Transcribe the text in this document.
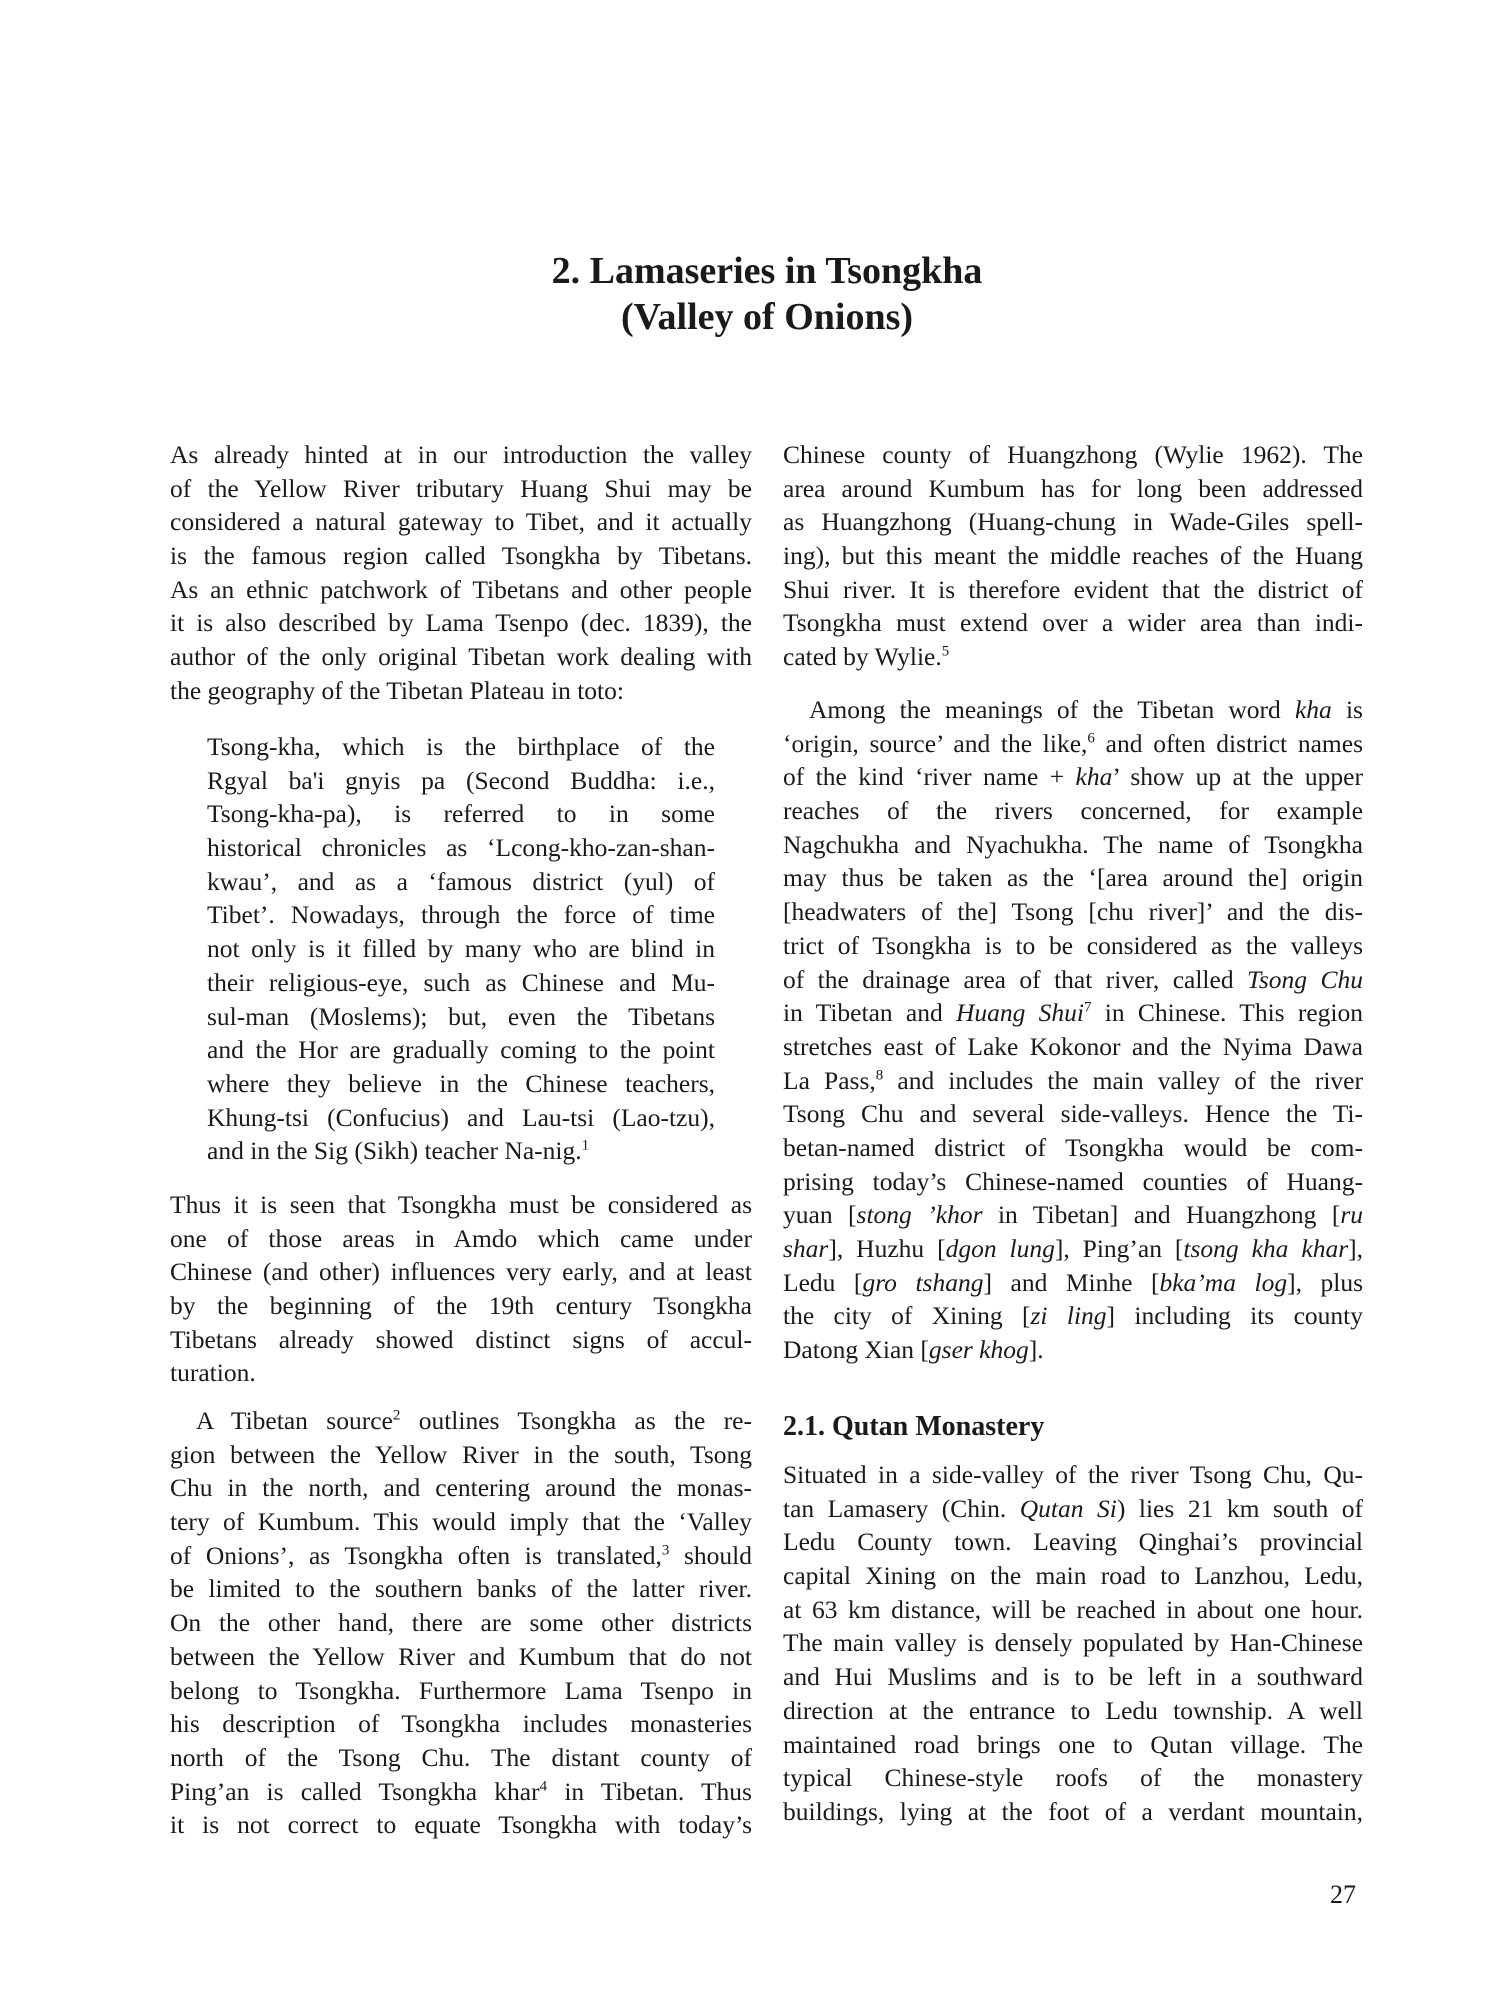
2. Lamaseries in Tsongkha
(Valley of Onions)
As already hinted at in our introduction the valley
of the Yellow River tributary Huang Shui may be
considered a natural gateway to Tibet, and it actually
is the famous region called Tsongkha by Tibetans.
As an ethnic patchwork of Tibetans and other people
it is also described by Lama Tsenpo (dec. 1839), the
author of the only original Tibetan work dealing with
the geography of the Tibetan Plateau in toto:
Tsong-kha, which is the birthplace of the
Rgyal ba'i gnyis pa (Second Buddha: i.e.,
Tsong-kha-pa), is referred to in some
historical chronicles as ‘Lcong-kho-zan-shan-
kwau’, and as a ‘famous district (yul) of
Tibet’. Nowadays, through the force of time
not only is it filled by many who are blind in
their religious-eye, such as Chinese and Mu-
sul-man (Moslems); but, even the Tibetans
and the Hor are gradually coming to the point
where they believe in the Chinese teachers,
Khung-tsi (Confucius) and Lau-tsi (Lao-tzu),
and in the Sig (Sikh) teacher Na-nig.$^1$
Thus it is seen that Tsongkha must be considered as
one of those areas in Amdo which came under
Chinese (and other) influences very early, and at least
by the beginning of the 19th century Tsongkha
Tibetans already showed distinct signs of accul-
turation.
A Tibetan source$^2$ outlines Tsongkha as the re-
gion between the Yellow River in the south, Tsong
Chu in the north, and centering around the monas-
tery of Kumbum. This would imply that the ‘Valley
of Onions’, as Tsongkha often is translated,$^3$ should
be limited to the southern banks of the latter river.
On the other hand, there are some other districts
between the Yellow River and Kumbum that do not
belong to Tsongkha. Furthermore Lama Tsenpo in
his description of Tsongkha includes monasteries
north of the Tsong Chu. The distant county of
Ping’an is called Tsongkha khar$^4$ in Tibetan. Thus
it is not correct to equate Tsongkha with today’s
Chinese county of Huangzhong (Wylie 1962). The
area around Kumbum has for long been addressed
as Huangzhong (Huang-chung in Wade-Giles spell-
ing), but this meant the middle reaches of the Huang
Shui river. It is therefore evident that the district of
Tsongkha must extend over a wider area than indi-
cated by Wylie.$^5$
Among the meanings of the Tibetan word kha is
‘origin, source’ and the like,$^6$ and often district names
of the kind ‘river name + kha’ show up at the upper
reaches of the rivers concerned, for example
Nagchukha and Nyachukha. The name of Tsongkha
may thus be taken as the ‘[area around the] origin
[headwaters of the] Tsong [chu river]’ and the dis-
trict of Tsongkha is to be considered as the valleys
of the drainage area of that river, called Tsong Chu
in Tibetan and Huang Shui$^7$ in Chinese. This region
stretches east of Lake Kokonor and the Nyima Dawa
La Pass,$^8$ and includes the main valley of the river
Tsong Chu and several side-valleys. Hence the Ti-
betan-named district of Tsongkha would be com-
prising today’s Chinese-named counties of Huang-
yuan [stong ’khor in Tibetan] and Huangzhong [ru
shar], Huzhu [dgon lung], Ping’an [tsong kha khar],
Ledu [gro tshang] and Minhe [bka’ma log], plus
the city of Xining [zi ling] including its county
Datong Xian [gser khog].
2.1. Qutan Monastery
Situated in a side-valley of the river Tsong Chu, Qu-
tan Lamasery (Chin. Qutan Si) lies 21 km south of
Ledu County town. Leaving Qinghai’s provincial
capital Xining on the main road to Lanzhou, Ledu,
at 63 km distance, will be reached in about one hour.
The main valley is densely populated by Han-Chinese
and Hui Muslims and is to be left in a southward
direction at the entrance to Ledu township. A well
maintained road brings one to Qutan village. The
typical Chinese-style roofs of the monastery
buildings, lying at the foot of a verdant mountain,
27
